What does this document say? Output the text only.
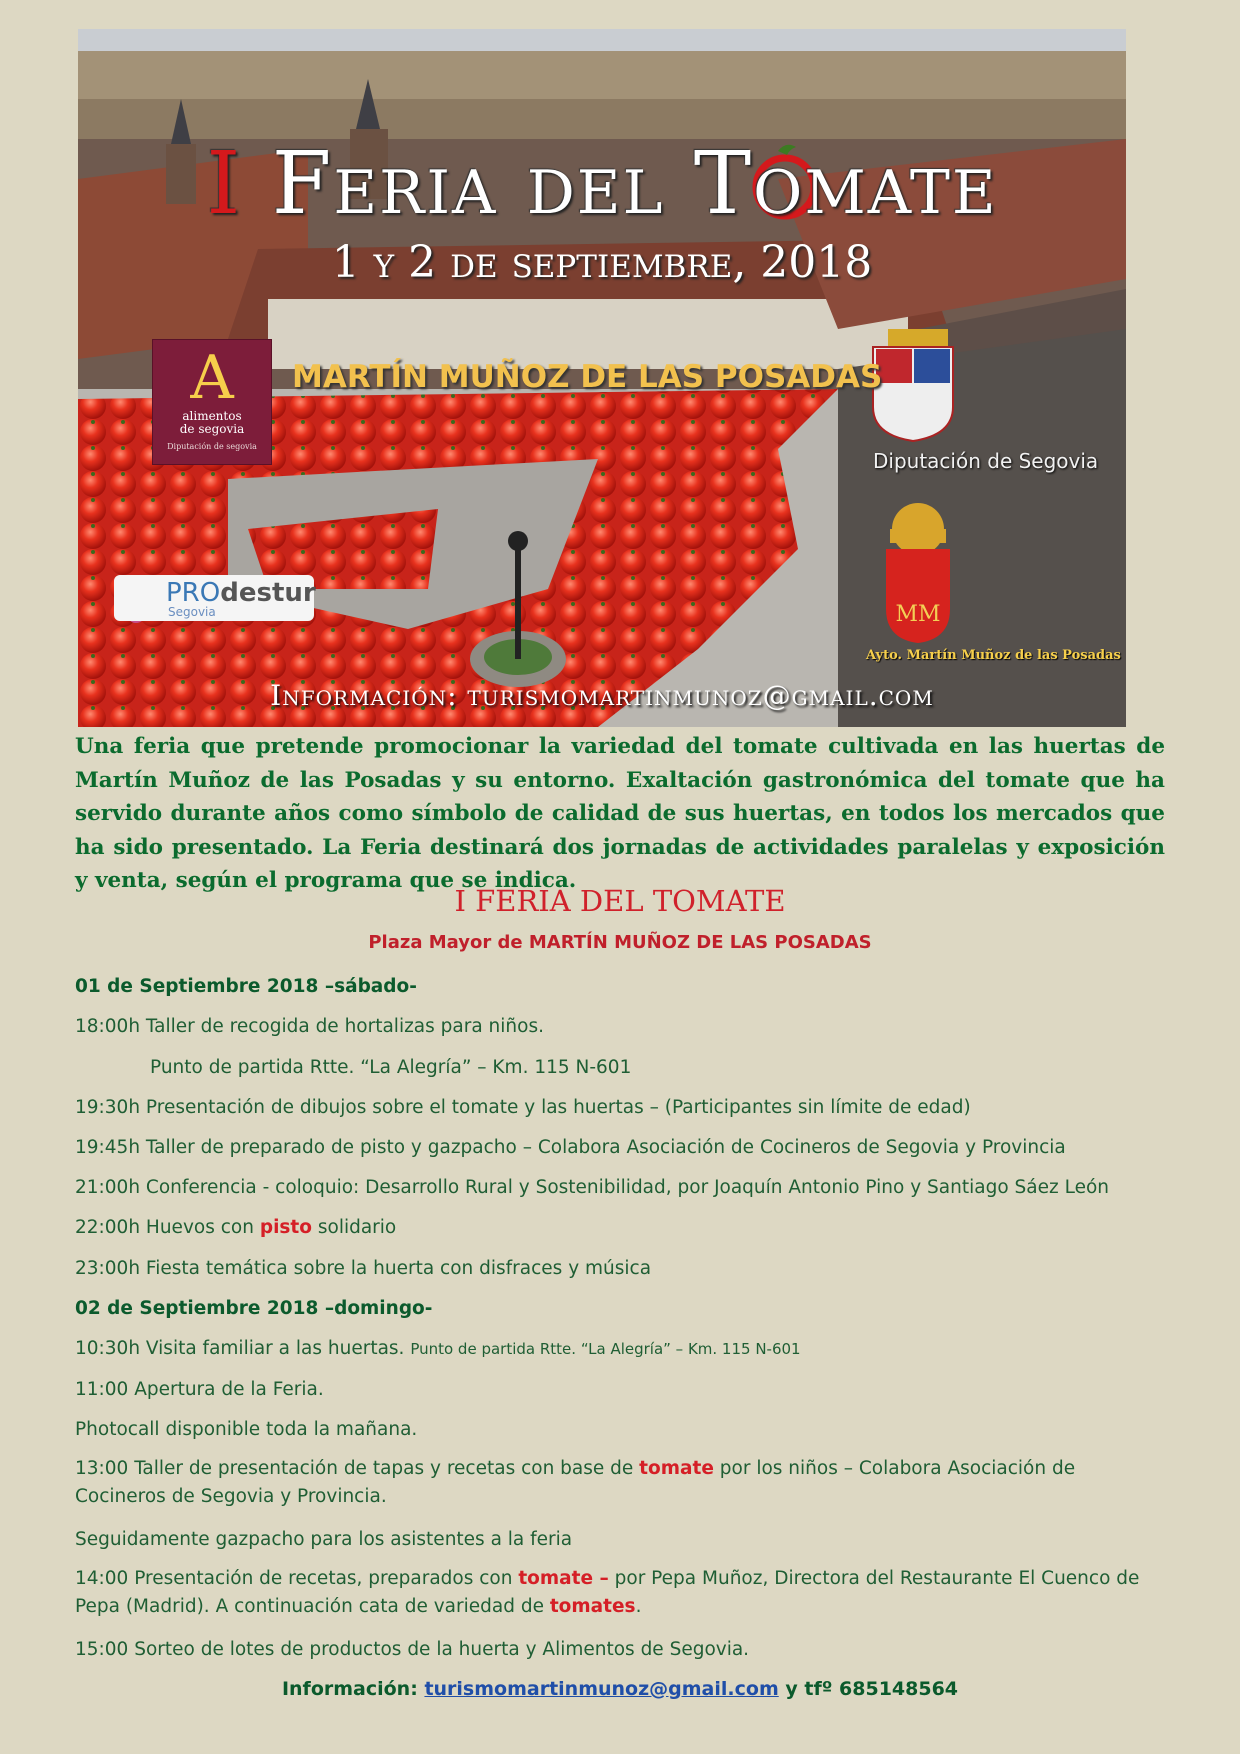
MM
I Feria del Tomate
1 y 2 de septiembre, 2018
MARTÍN MUÑOZ DE LAS POSADAS
A
alimentos
de segovia
Diputación de segovia
Diputación de Segovia
Ayto. Martín Muñoz de las Posadas
PROdestur
Segovia
Información: turismomartinmunoz@gmail.com
Una feria que pretende promocionar la variedad del tomate cultivada en las huertas de Martín Muñoz de las Posadas y su entorno. Exaltación gastronómica del tomate que ha servido durante años como símbolo de calidad de sus huertas, en todos los mercados que ha sido presentado. La Feria destinará dos jornadas de actividades paralelas y exposición y venta, según el programa que se indica.
I FERIA DEL TOMATE
Plaza Mayor de MARTÍN MUÑOZ DE LAS POSADAS
01 de Septiembre 2018 –sábado-
18:00h Taller de recogida de hortalizas para niños.
Punto de partida Rtte. “La Alegría” – Km. 115 N-601
19:30h Presentación de dibujos sobre el tomate y las huertas – (Participantes sin límite de edad)
19:45h Taller de preparado de pisto y gazpacho – Colabora Asociación de Cocineros de Segovia y Provincia
21:00h Conferencia - coloquio: Desarrollo Rural y Sostenibilidad, por Joaquín Antonio Pino y Santiago Sáez León
22:00h Huevos con pisto solidario
23:00h Fiesta temática sobre la huerta con disfraces y música
02 de Septiembre 2018 –domingo-
10:30h Visita familiar a las huertas. Punto de partida Rtte. “La Alegría” – Km. 115 N-601
11:00 Apertura de la Feria.
Photocall disponible toda la mañana.
13:00 Taller de presentación de tapas y recetas con base de tomate por los niños – Colabora Asociación de Cocineros de Segovia y Provincia.
Seguidamente gazpacho para los asistentes a la feria
14:00 Presentación de recetas, preparados con tomate – por Pepa Muñoz, Directora del Restaurante El Cuenco de Pepa (Madrid). A continuación cata de variedad de tomates.
15:00 Sorteo de lotes de productos de la huerta y Alimentos de Segovia.
Información: turismomartinmunoz@gmail.com y tfº 685148564
